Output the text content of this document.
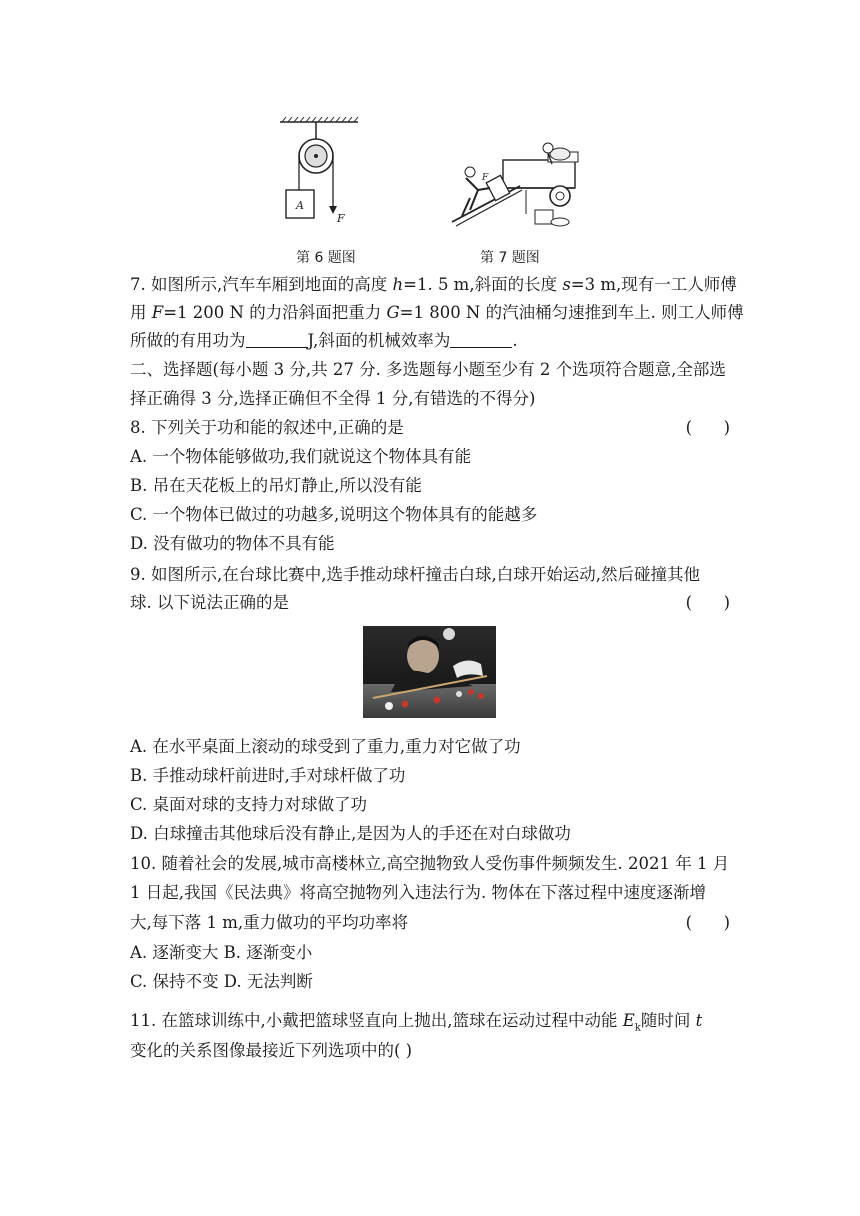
A
F
F
第 6 题图	第 7 题图
7. 如图所示,汽车车厢到地面的高度 h=1. 5 m,斜面的长度 s=3 m,现有一工人师傅
用 F=1 200 N 的力沿斜面把重力 G=1 800 N 的汽油桶匀速推到车上. 则工人师傅
所做的有用功为	J,斜面的机械效率为	.
二、选择题(每小题 3 分,共 27 分. 多选题每小题至少有 2 个选项符合题意,全部选
择正确得 3 分,选择正确但不全得 1 分,有错选的不得分)
8. 下列关于功和能的叙述中,正确的是	(      )
A. 一个物体能够做功,我们就说这个物体具有能
B. 吊在天花板上的吊灯静止,所以没有能
C. 一个物体已做过的功越多,说明这个物体具有的能越多
D. 没有做功的物体不具有能
9. 如图所示,在台球比赛中,选手推动球杆撞击白球,白球开始运动,然后碰撞其他
球. 以下说法正确的是	(      )
A. 在水平桌面上滚动的球受到了重力,重力对它做了功
B. 手推动球杆前进时,手对球杆做了功
C. 桌面对球的支持力对球做了功
D. 白球撞击其他球后没有静止,是因为人的手还在对白球做功
10. 随着社会的发展,城市高楼林立,高空抛物致人受伤事件频频发生. 2021 年 1 月
1 日起,我国《民法典》将高空抛物列入违法行为. 物体在下落过程中速度逐渐增
大,每下落 1 m,重力做功的平均功率将	(      )
A. 逐渐变大 B. 逐渐变小
C. 保持不变 D. 无法判断
11. 在篮球训练中,小戴把篮球竖直向上抛出,篮球在运动过程中动能 $E_k$随时间 t
变化的关系图像最接近下列选项中的( )
